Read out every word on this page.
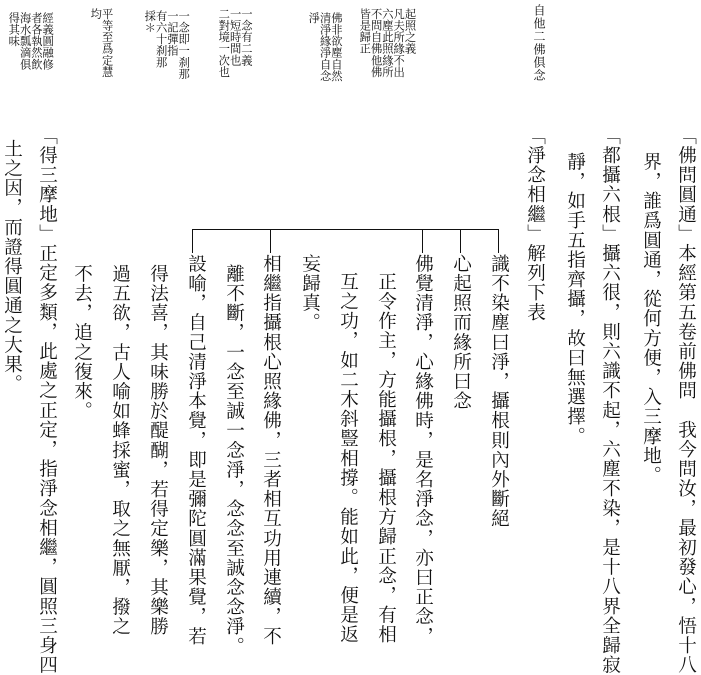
自他二佛俱念
起照之義
凡夫所緣不出
六塵此照緣所
不問自佛他佛
皆是歸正
佛非欲塵自然
清淨緣淨自念
淨
一念有二義
一短時間也
二對境一次也
一念即一刹那
一記彈指
有六十刹那
採＊
平等至爲定慧
均
經義圓融修
者各執然飲
海水瓢滴俱
得其味
「佛問圓通」本經第五卷前佛問　我今問汝，最初發心，悟十八
界，誰爲圓通，從何方便，入三摩地。
「都攝六根」攝六很，則六識不起，六塵不染，是十八界全歸寂
靜，如手五指齊攝，故曰無選擇。
「淨念相繼」解列下表
識不染塵曰淨，攝根則內外斷絕
心起照而緣所曰念
佛覺清淨，心緣佛時，是名淨念，亦曰正念，
正令作主，方能攝根，攝根方歸正念，有相
互之功，如二木斜豎相撐。能如此，便是返
妄歸真。
相繼指攝根心照緣佛，三者相互功用連續，不
離不斷，一念至誠一念淨，念念至誠念念淨。
設喻，自己清淨本覺，即是彌陀圓滿果覺，若
得法喜，其味勝於醍醐，若得定樂，其樂勝
過五欲，古人喻如蜂採蜜，取之無厭，撥之
不去，追之復來。
「得三摩地」正定多類，此處之正定，指淨念相繼，圓照三身四
土之因，而證得圓通之大果。
